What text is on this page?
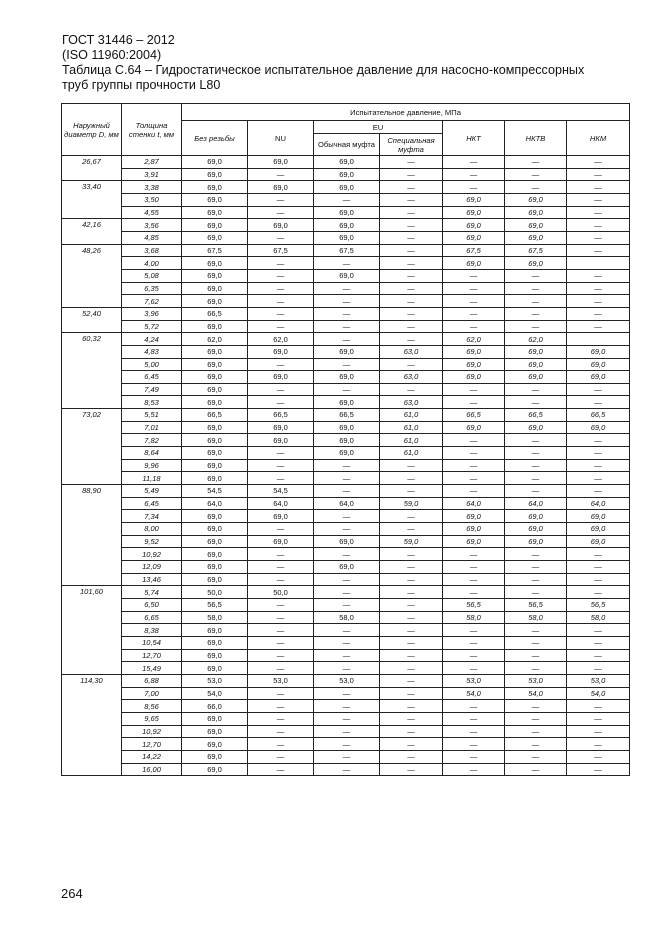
ГОСТ 31446 – 2012
(ISO 11960:2004)
Таблица С.64 – Гидростатическое испытательное давление для насосно-компрессорных
труб группы прочности L80
Наружный диаметр D, мм	Толщина стенки t, мм	Испытательное давление, МПа						
		Без резьбы	NU	EU		НКТ	НКТВ	НКМ
				Обычная муфта	Специальная муфта			
26,67	2,87	69,0	69,0	69,0	—	—	—	—
	3,91	69,0	—	69,0	—	—	—	—
33,40	3,38	69,0	69,0	69,0	—	—	—	—
	3,50	69,0	—	—	—	69,0	69,0	—
	4,55	69,0	—	69,0	—	69,0	69,0	—
42,16	3,56	69,0	69,0	69,0	—	69,0	69,0	—
	4,85	69,0	—	69,0	—	69,0	69,0	—
48,26	3,68	67,5	67,5	67,5	—	67,5	67,5	—
	4,00	69,0	—	—	—	69,0	69,0	
	5,08	69,0	—	69,0	—	—	—	—
	6,35	69,0	—	—	—	—	—	—
	7,62	69,0	—	—	—	—	—	—
52,40	3,96	66,5	—	—	—	—	—	—
	5,72	69,0	—	—	—	—	—	—
60,32	4,24	62,0	62,0	—	—	62,0	62,0	
	4,83	69,0	69,0	69,0	63,0	69,0	69,0	69,0
	5,00	69,0	—	—	—	69,0	69,0	69,0
	6,45	69,0	69,0	69,0	63,0	69,0	69,0	69,0
	7,49	69,0	—	—	—	—	—	—
	8,53	69,0	—	69,0	63,0	—	—	—
73,02	5,51	66,5	66,5	66,5	61,0	66,5	66,5	66,5
	7,01	69,0	69,0	69,0	61,0	69,0	69,0	69,0
	7,82	69,0	69,0	69,0	61,0	—	—	—
	8,64	69,0	—	69,0	61,0	—	—	—
	9,96	69,0	—	—	—	—	—	—
	11,18	69,0	—	—	—	—	—	—
88,90	5,49	54,5	54,5	—	—	—	—	—
	6,45	64,0	64,0	64,0	59,0	64,0	64,0	64,0
	7,34	69,0	69,0	—	—	69,0	69,0	69,0
	8,00	69,0	—	—	—	69,0	69,0	69,0
	9,52	69,0	69,0	69,0	59,0	69,0	69,0	69,0
	10,92	69,0	—	—	—	—	—	—
	12,09	69,0	—	69,0	—	—	—	—
	13,46	69,0	—	—	—	—	—	—
101,60	5,74	50,0	50,0	—	—	—	—	—
	6,50	56,5	—	—	—	56,5	56,5	56,5
	6,65	58,0	—	58,0	—	58,0	58,0	58,0
	8,38	69,0	—	—	—	—	—	—
	10,54	69,0	—	—	—	—	—	—
	12,70	69,0	—	—	—	—	—	—
	15,49	69,0	—	—	—	—	—	—
114,30	6,88	53,0	53,0	53,0	—	53,0	53,0	53,0
	7,00	54,0	—	—	—	54,0	54,0	54,0
	8,56	66,0	—	—	—	—	—	—
	9,65	69,0	—	—	—	—	—	—
	10,92	69,0	—	—	—	—	—	—
	12,70	69,0	—	—	—	—	—	—
	14,22	69,0	—	—	—	—	—	—
	16,00	69,0	—	—	—	—	—	—
264
